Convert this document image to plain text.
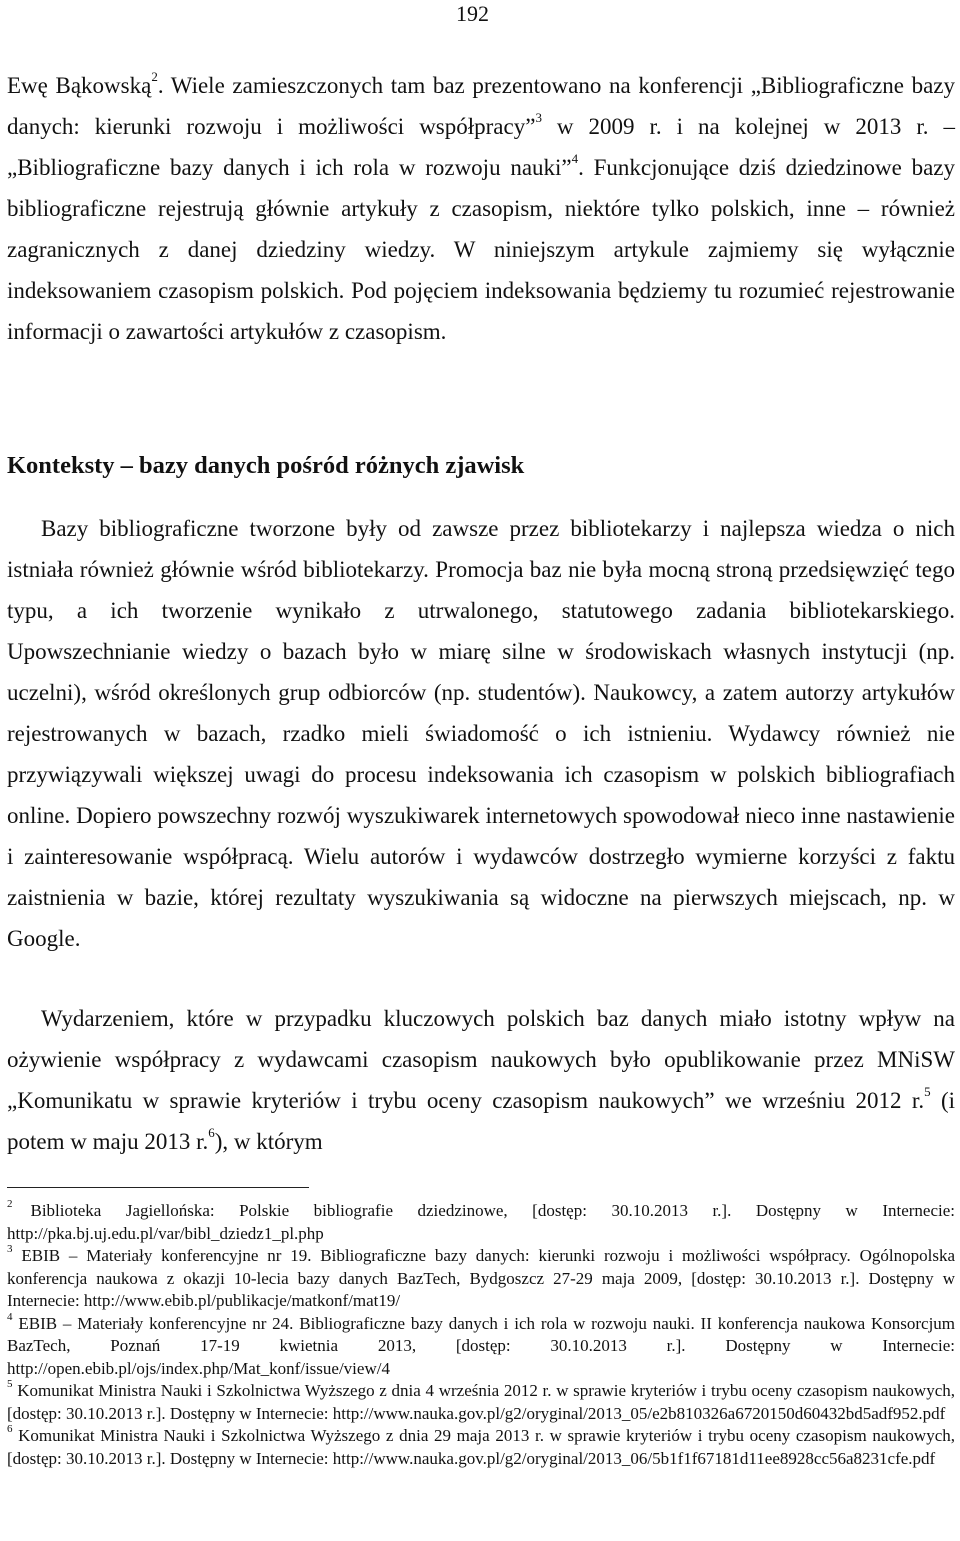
192

Ewę Bąkowską$^2$. Wiele zamieszczonych tam baz prezentowano na konferencji „Bibliograficzne bazy danych: kierunki rozwoju i możliwości współpracy”$^3$ w 2009 r. i na kolejnej w 2013 r. – „Bibliograficzne bazy danych i ich rola w rozwoju nauki”$^4$. Funkcjonujące dziś dziedzinowe bazy bibliograficzne rejestrują głównie artykuły z czasopism, niektóre tylko polskich, inne – również zagranicznych z danej dziedziny wiedzy. W niniejszym artykule zajmiemy się wyłącznie indeksowaniem czasopism polskich. Pod pojęciem indeksowania będziemy tu rozumieć rejestrowanie informacji o zawartości artykułów z czasopism.

Konteksty – bazy danych pośród różnych zjawisk

Bazy bibliograficzne tworzone były od zawsze przez bibliotekarzy i najlepsza wiedza o nich istniała również głównie wśród bibliotekarzy. Promocja baz nie była mocną stroną przedsięwzięć tego typu, a ich tworzenie wynikało z utrwalonego, statutowego zadania bibliotekarskiego. Upowszechnianie wiedzy o bazach było w miarę silne w środowiskach własnych instytucji (np. uczelni), wśród określonych grup odbiorców (np. studentów). Naukowcy, a zatem autorzy artykułów rejestrowanych w bazach, rzadko mieli świadomość o ich istnieniu. Wydawcy również nie przywiązywali większej uwagi do procesu indeksowania ich czasopism w polskich bibliografiach online. Dopiero powszechny rozwój wyszukiwarek internetowych spowodował nieco inne nastawienie i zainteresowanie współpracą. Wielu autorów i wydawców dostrzegło wymierne korzyści z faktu zaistnienia w bazie, której rezultaty wyszukiwania są widoczne na pierwszych miejscach, np. w Google.

Wydarzeniem, które w przypadku kluczowych polskich baz danych miało istotny wpływ na ożywienie współpracy z wydawcami czasopism naukowych było opublikowanie przez MNiSW „Komunikatu w sprawie kryteriów i trybu oceny czasopism naukowych” we wrześniu 2012 r.$^5$ (i potem w maju 2013 r.$^6$), w którym

$^2$ Biblioteka Jagiellońska: Polskie bibliografie dziedzinowe, [dostęp: 30.10.2013 r.]. Dostępny w Internecie: http://pka.bj.uj.edu.pl/var/bibl_dziedz1_pl.php

$^3$ EBIB – Materiały konferencyjne nr 19. Bibliograficzne bazy danych: kierunki rozwoju i możliwości współpracy. Ogólnopolska konferencja naukowa z okazji 10-lecia bazy danych BazTech, Bydgoszcz 27-29 maja 2009, [dostęp: 30.10.2013 r.]. Dostępny w Internecie: http://www.ebib.pl/publikacje/matkonf/mat19/

$^4$ EBIB – Materiały konferencyjne nr 24. Bibliograficzne bazy danych i ich rola w rozwoju nauki. II konferencja naukowa Konsorcjum BazTech, Poznań 17-19 kwietnia 2013, [dostęp: 30.10.2013 r.]. Dostępny w Internecie: http://open.ebib.pl/ojs/index.php/Mat_konf/issue/view/4

$^5$ Komunikat Ministra Nauki i Szkolnictwa Wyższego z dnia 4 września 2012 r. w sprawie kryteriów i trybu oceny czasopism naukowych, [dostęp: 30.10.2013 r.]. Dostępny w Internecie: http://www.nauka.gov.pl/g2/oryginal/2013_05/e2b810326a6720150d60432bd5adf952.pdf

$^6$ Komunikat Ministra Nauki i Szkolnictwa Wyższego z dnia 29 maja 2013 r. w sprawie kryteriów i trybu oceny czasopism naukowych, [dostęp: 30.10.2013 r.]. Dostępny w Internecie: http://www.nauka.gov.pl/g2/oryginal/2013_06/5b1f1f67181d11ee8928cc56a8231cfe.pdf
